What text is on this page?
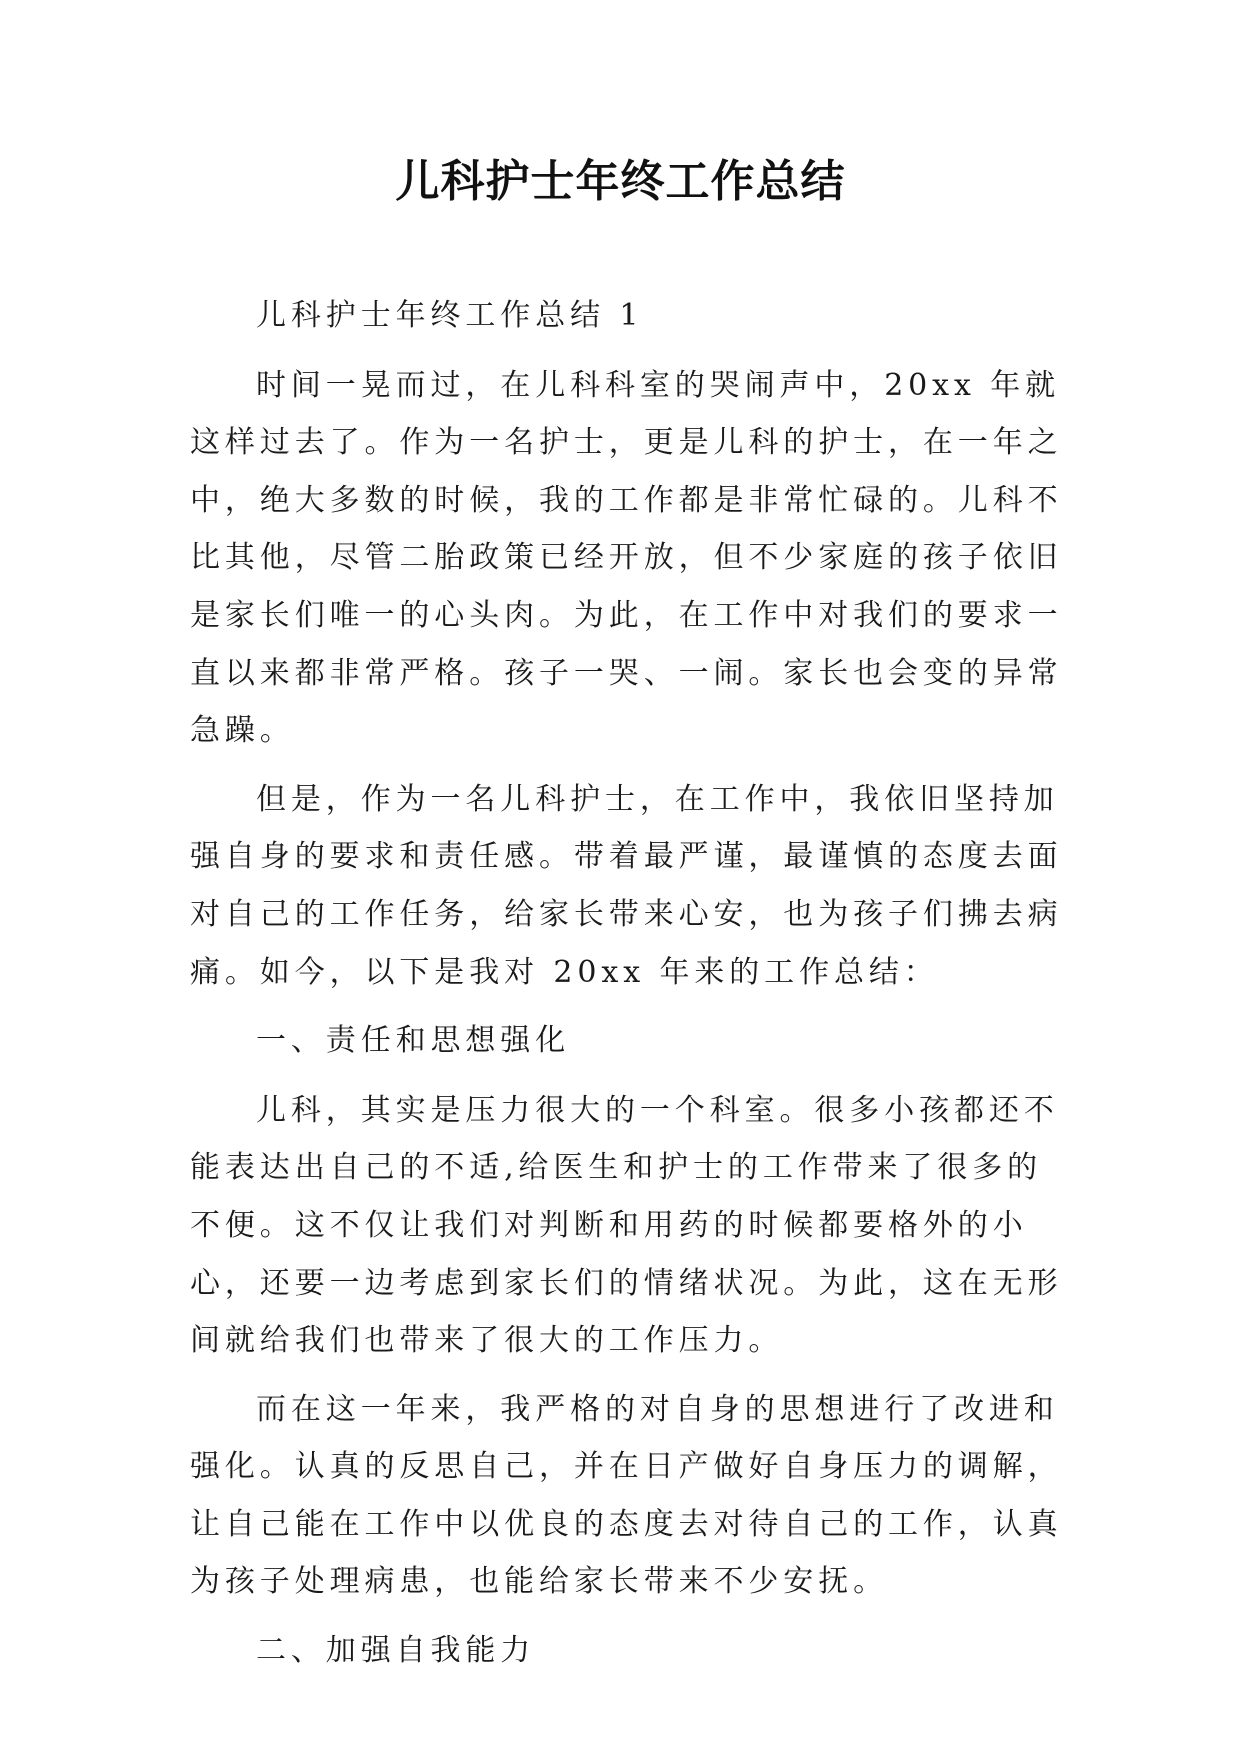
儿科护士年终工作总结

儿科护士年终工作总结 1

时间一晃而过，在儿科科室的哭闹声中，20xx 年就这样过去了。作为一名护士，更是儿科的护士，在一年之中，绝大多数的时候，我的工作都是非常忙碌的。儿科不比其他，尽管二胎政策已经开放，但不少家庭的孩子依旧是家长们唯一的心头肉。为此，在工作中对我们的要求一直以来都非常严格。孩子一哭、一闹。家长也会变的异常急躁。

但是，作为一名儿科护士，在工作中，我依旧坚持加强自身的要求和责任感。带着最严谨，最谨慎的态度去面对自己的工作任务，给家长带来心安，也为孩子们拂去病痛。如今，以下是我对 20xx 年来的工作总结：

一、责任和思想强化

儿科，其实是压力很大的一个科室。很多小孩都还不能表达出自己的不适,给医生和护士的工作带来了很多的不便。这不仅让我们对判断和用药的时候都要格外的小心，还要一边考虑到家长们的情绪状况。为此，这在无形间就给我们也带来了很大的工作压力。

而在这一年来，我严格的对自身的思想进行了改进和强化。认真的反思自己，并在日产做好自身压力的调解，让自己能在工作中以优良的态度去对待自己的工作，认真为孩子处理病患，也能给家长带来不少安抚。

二、加强自我能力
